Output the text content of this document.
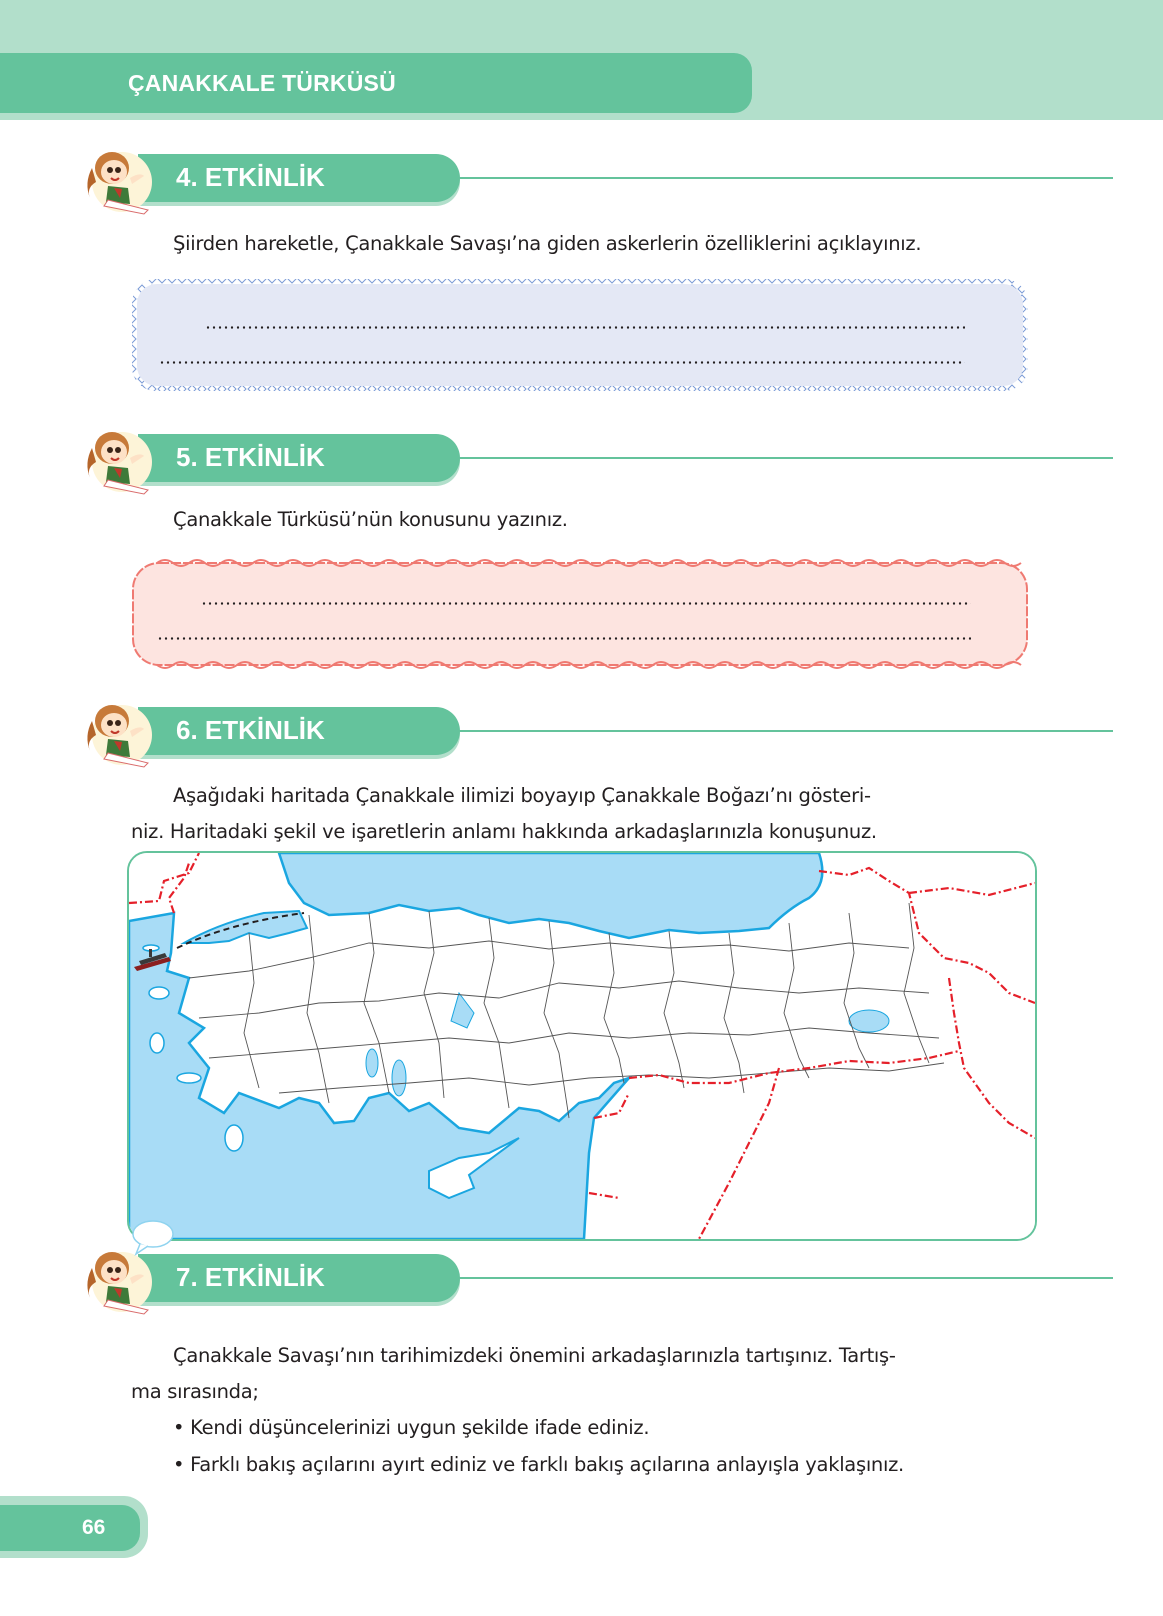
ÇANAKKALE TÜRKÜSÜ
4. ETKİNLİK
Şiirden hareketle, Çanakkale Savaşı’na giden askerlerin özelliklerini açıklayınız.
5. ETKİNLİK
Çanakkale Türküsü’nün konusunu yazınız.
6. ETKİNLİK
Aşağıdaki haritada Çanakkale ilimizi boyayıp Çanakkale Boğazı’nı gösteri-
niz. Haritadaki şekil ve işaretlerin anlamı hakkında arkadaşlarınızla konuşunuz.
7. ETKİNLİK
Çanakkale Savaşı’nın tarihimizdeki önemini arkadaşlarınızla tartışınız. Tartış-
ma sırasında;
• Kendi düşüncelerinizi uygun şekilde ifade ediniz.
• Farklı bakış açılarını ayırt ediniz ve farklı bakış açılarına anlayışla yaklaşınız.
66
